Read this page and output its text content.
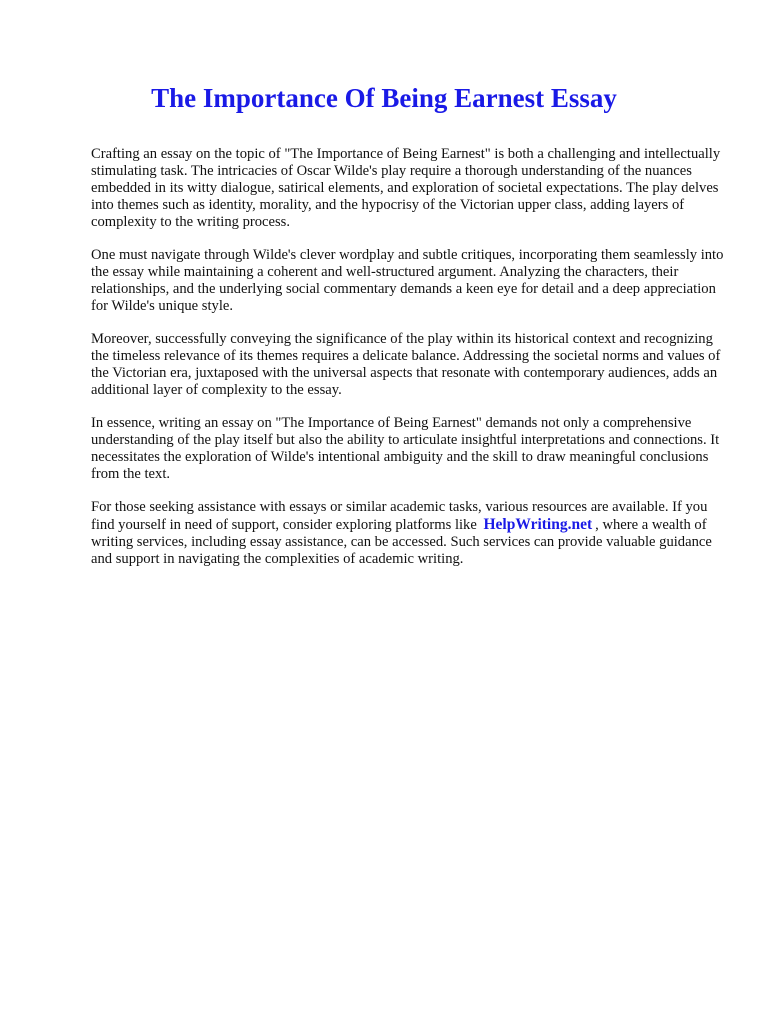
The Importance Of Being Earnest Essay

Crafting an essay on the topic of "The Importance of Being Earnest" is both a challenging and intellectually stimulating task. The intricacies of Oscar Wilde's play require a thorough understanding of the nuances embedded in its witty dialogue, satirical elements, and exploration of societal expectations. The play delves into themes such as identity, morality, and the hypocrisy of the Victorian upper class, adding layers of complexity to the writing process.

One must navigate through Wilde's clever wordplay and subtle critiques, incorporating them seamlessly into the essay while maintaining a coherent and well-structured argument. Analyzing the characters, their relationships, and the underlying social commentary demands a keen eye for detail and a deep appreciation for Wilde's unique style.

Moreover, successfully conveying the significance of the play within its historical context and recognizing the timeless relevance of its themes requires a delicate balance. Addressing the societal norms and values of the Victorian era, juxtaposed with the universal aspects that resonate with contemporary audiences, adds an additional layer of complexity to the essay.

In essence, writing an essay on "The Importance of Being Earnest" demands not only a comprehensive understanding of the play itself but also the ability to articulate insightful interpretations and connections. It necessitates the exploration of Wilde's intentional ambiguity and the skill to draw meaningful conclusions from the text.

For those seeking assistance with essays or similar academic tasks, various resources are available. If you find yourself in need of support, consider exploring platforms like HelpWriting.net , where a wealth of writing services, including essay assistance, can be accessed. Such services can provide valuable guidance and support in navigating the complexities of academic writing.
